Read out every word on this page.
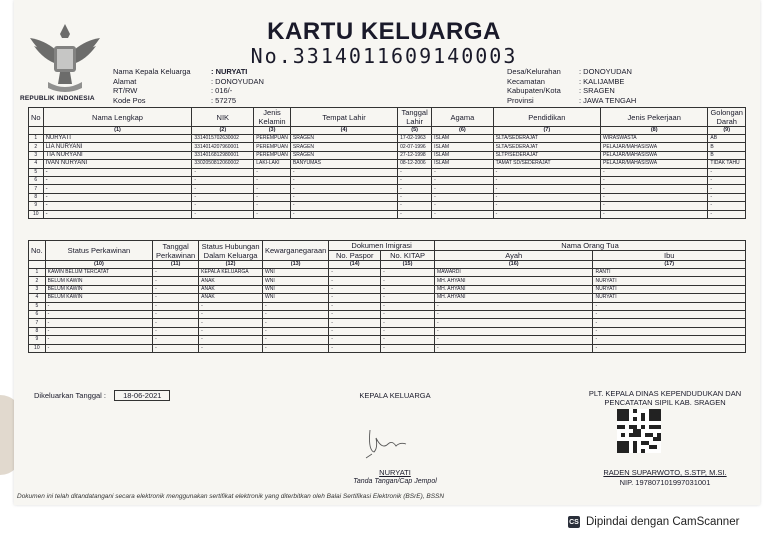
REPUBLIK INDONESIA
KARTU KELUARGA
No.3314011609140003
Nama Kepala Keluarga	: NURYATI
Alamat	: DONOYUDAN
RT/RW	: 016/-
Kode Pos	: 57275
Desa/Kelurahan	: DONOYUDAN
Kecamatan	: KALIJAMBE
Kabupaten/Kota	: SRAGEN
Provinsi	: JAWA TENGAH
No	Nama Lengkap	NIK	Jenis Kelamin	Tempat Lahir	Tanggal Lahir	Agama	Pendidikan	Jenis Pekerjaan	Golongan Darah
	(1)	(2)	(3)	(4)	(5)	(6)	(7)	(8)	(9)
1	NURYATI	3314015702630002	PEREMPUAN	SRAGEN	17-02-1963	ISLAM	SLTA/SEDERAJAT	WIRASWASTA	AB
2	LIA NURYANI	3314014207960001	PEREMPUAN	SRAGEN	02-07-1996	ISLAM	SLTA/SEDERAJAT	PELAJAR/MAHASISWA	B
3	TIA NURYANI	3314016812980001	PEREMPUAN	SRAGEN	27-12-1998	ISLAM	SLTP/SEDERAJAT	PELAJAR/MAHASISWA	B
4	IVAN NURYANI	3302050812060002	LAKI-LAKI	BANYUMAS	08-12-2006	ISLAM	TAMAT SD/SEDERAJAT	PELAJAR/MAHASISWA	TIDAK TAHU
5	-	-	-	-	-	-	-	-	-
6	-	-	-	-	-	-	-	-	-
7	-	-	-	-	-	-	-	-	-
8	-	-	-	-	-	-	-	-	-
9	-	-	-	-	-	-	-	-	-
10	-	-	-	-	-	-	-	-	-
No.	Status Perkawinan	Tanggal Perkawinan	Status Hubungan Dalam Keluarga	Kewarganegaraan	Dokumen Imigrasi		Nama Orang Tua	
					No. Paspor	No. KITAP	Ayah	Ibu
	(10)	(11)	(12)	(13)	(14)	(15)	(16)	(17)
1	KAWIN BELUM TERCATAT	-	KEPALA KELUARGA	WNI	-	-	MAWARDI	RANTI
2	BELUM KAWIN	-	ANAK	WNI	-	-	MH. AHYANI	NURYATI
3	BELUM KAWIN	-	ANAK	WNI	-	-	MH. AHYANI	NURYATI
4	BELUM KAWIN	-	ANAK	WNI	-	-	MH. AHYANI	NURYATI
5	-	-	-	-	-	-	-	-
6	-	-	-	-	-	-	-	-
7	-	-	-	-	-	-	-	-
8	-	-	-	-	-	-	-	-
9	-	-	-	-	-	-	-	-
10	-	-	-	-	-	-	-	-
Dikeluarkan Tanggal : 18-06-2021	KEPALA KELUARGA
NURYATI
Tanda Tangan/Cap Jempol
PLT. KEPALA DINAS KEPENDUDUKAN DAN
PENCATATAN SIPIL KAB. SRAGEN
RADEN SUPARWOTO, S.STP, M.SI.
NIP. 197807101997031001
Dokumen ini telah ditandatangani secara elektronik menggunakan sertifikat elektronik yang diterbitkan oleh Balai Sertifikasi Elektronik (BSrE), BSSN
CS Dipindai dengan CamScanner
